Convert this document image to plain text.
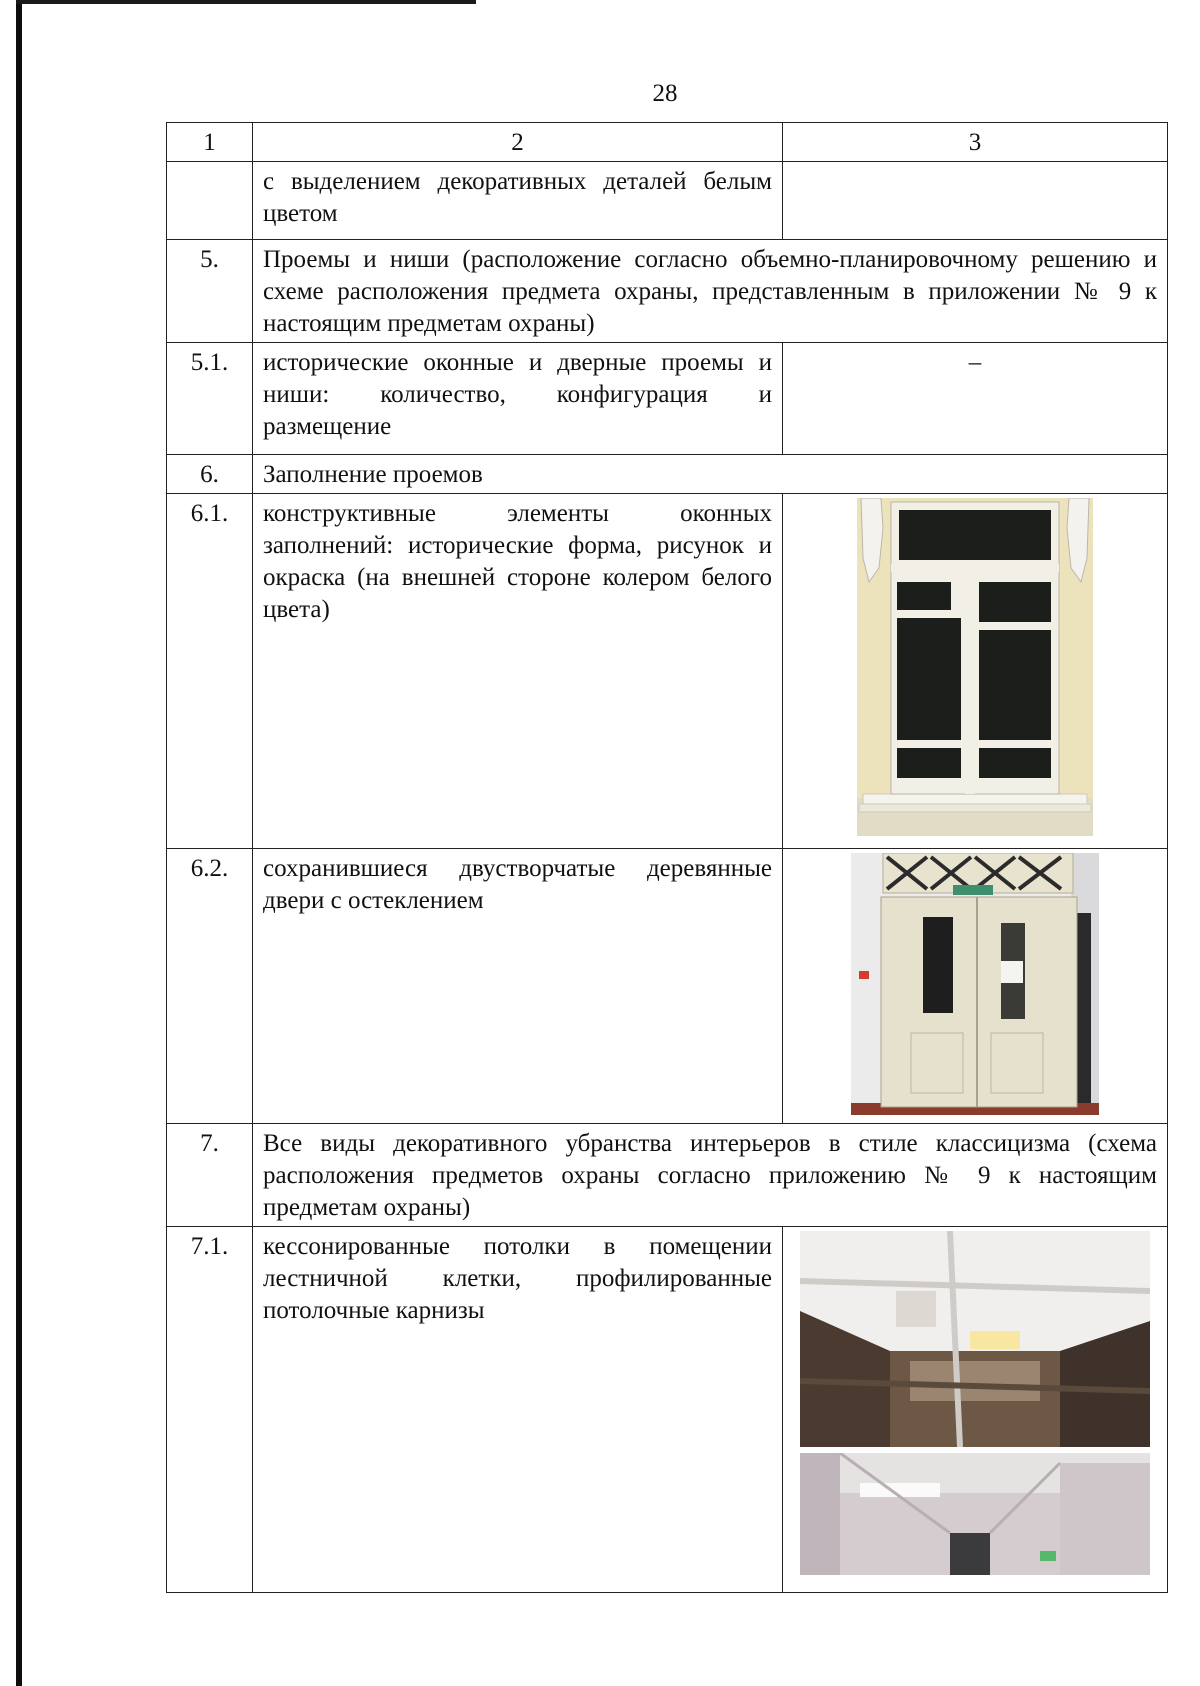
28
1	2	3
	с выделением декоративных деталей белым цветом	
5.	Проемы и ниши (расположение согласно объемно-планировочному решению и схеме расположения предмета охраны, представленным в приложении № 9 к настоящим предметам охраны)	
5.1.	исторические оконные и дверные проемы и ниши: количество, конфигурация и размещение	–
6.	Заполнение проемов	
6.1.	конструктивные элементы оконных заполнений: исторические форма, рисунок и окраска (на внешней стороне колером белого цвета)	

6.2.	сохранившиеся двустворчатые деревянные двери с остеклением	

7.	Все виды декоративного убранства интерьеров в стиле классицизма (схема расположения предметов охраны согласно приложению № 9 к настоящим предметам охраны)	
7.1.	кессонированные потолки в помещении лестничной клетки, профилированные потолочные карнизы	
